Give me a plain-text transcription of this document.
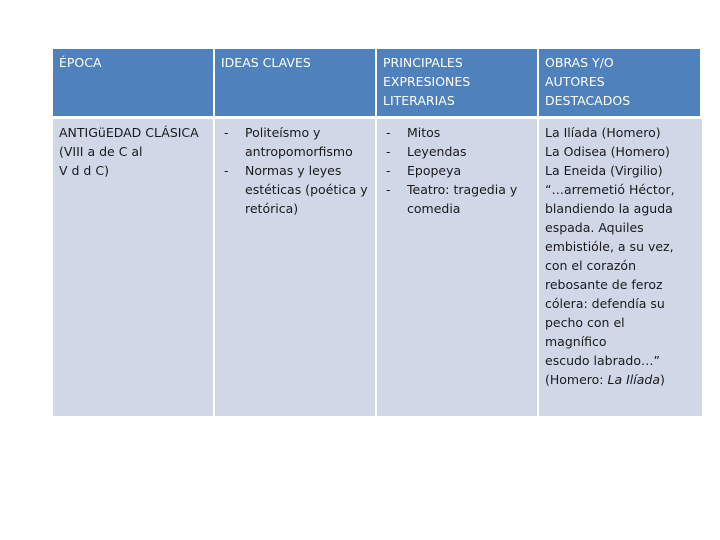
ÉPOCA	IDEAS CLAVES	PRINCIPALES
EXPRESIONES
LITERARIAS
OBRAS Y/O
AUTORES
DESTACADOS
ANTIGüEDAD CLÁSICA
(VIII a de C al
V d d C)
- Politeísmo y
antropomorfismo
- Normas y leyes
estéticas (poética y
retórica)
- Mitos
- Leyendas
- Epopeya
- Teatro: tragedia y
comedia
La Ilíada (Homero)
La Odisea (Homero)
La Eneida (Virgilio)
“…arremetió Héctor,
blandiendo la aguda
espada. Aquiles
embistióle, a su vez,
con el corazón
rebosante de feroz
cólera: defendía su
pecho con el
magnífico
escudo labrado…”
(Homero: La Ilíada)
